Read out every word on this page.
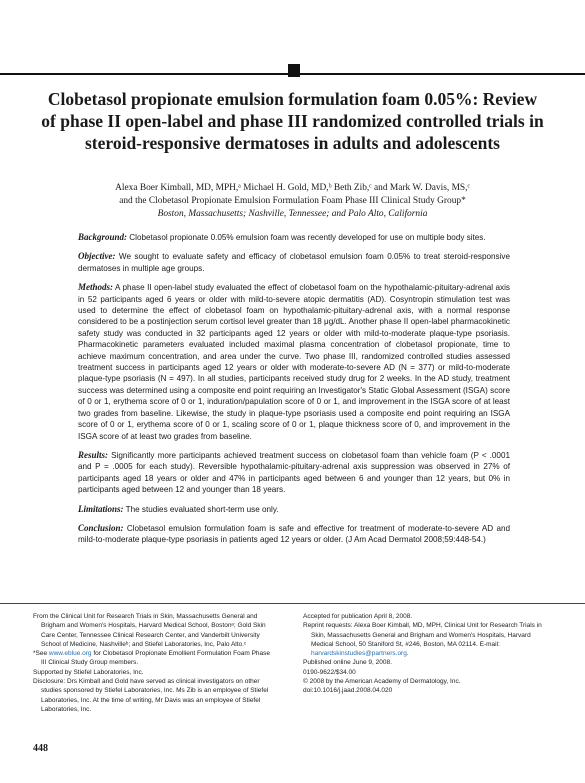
Clobetasol propionate emulsion formulation foam 0.05%: Review of phase II open-label and phase III randomized controlled trials in steroid-responsive dermatoses in adults and adolescents
Alexa Boer Kimball, MD, MPH,ᵃ Michael H. Gold, MD,ᵇ Beth Zib,ᶜ and Mark W. Davis, MS,ᶜ
and the Clobetasol Propionate Emulsion Formulation Foam Phase III Clinical Study Group*
Boston, Massachusetts; Nashville, Tennessee; and Palo Alto, California

Background: Clobetasol propionate 0.05% emulsion foam was recently developed for use on multiple body sites.

Objective: We sought to evaluate safety and efficacy of clobetasol emulsion foam 0.05% to treat steroid-responsive dermatoses in multiple age groups.

Methods: A phase II open-label study evaluated the effect of clobetasol foam on the hypothalamic-pituitary-adrenal axis in 52 participants aged 6 years or older with mild-to-severe atopic dermatitis (AD). Cosyntropin stimulation test was used to determine the effect of clobetasol foam on hypothalamic-pituitary-adrenal axis, with a normal response considered to be a postinjection serum cortisol level greater than 18 μg/dL. Another phase II open-label pharmacokinetic safety study was conducted in 32 participants aged 12 years or older with mild-to-moderate plaque-type psoriasis. Pharmacokinetic parameters evaluated included maximal plasma concentration of clobetasol propionate, time to achieve maximum concentration, and area under the curve. Two phase III, randomized controlled studies assessed treatment success in participants aged 12 years or older with moderate-to-severe AD (N = 377) or mild-to-moderate plaque-type psoriasis (N = 497). In all studies, participants received study drug for 2 weeks. In the AD study, treatment success was determined using a composite end point requiring an Investigator's Static Global Assessment (ISGA) score of 0 or 1, erythema score of 0 or 1, induration/papulation score of 0 or 1, and improvement in the ISGA score of at least two grades from baseline. Likewise, the study in plaque-type psoriasis used a composite end point requiring an ISGA score of 0 or 1, erythema score of 0 or 1, scaling score of 0 or 1, plaque thickness score of 0, and improvement in the ISGA score of at least two grades from baseline.

Results: Significantly more participants achieved treatment success on clobetasol foam than vehicle foam (P < .0001 and P = .0005 for each study). Reversible hypothalamic-pituitary-adrenal axis suppression was observed in 27% of participants aged 18 years or older and 47% in participants aged between 6 and younger than 12 years, but 0% in participants aged between 12 and younger than 18 years.

Limitations: The studies evaluated short-term use only.

Conclusion: Clobetasol emulsion formulation foam is safe and effective for treatment of moderate-to-severe AD and mild-to-moderate plaque-type psoriasis in patients aged 12 years or older. (J Am Acad Dermatol 2008;59:448-54.)

From the Clinical Unit for Research Trials in Skin, Massachusetts General and Brigham and Women's Hospitals, Harvard Medical School, Bostonᵃ; Gold Skin Care Center, Tennessee Clinical Research Center, and Vanderbilt University School of Medicine, Nashvilleᵇ; and Stiefel Laboratories, Inc, Palo Alto.ᶜ

*See www.eblue.org for Clobetasol Propionate Emollient Formulation Foam Phase III Clinical Study Group members.

Supported by Stiefel Laboratories, Inc.

Disclosure: Drs Kimball and Gold have served as clinical investigators on other studies sponsored by Stiefel Laboratories, Inc. Ms Zib is an employee of Stiefel Laboratories, Inc. At the time of writing, Mr Davis was an employee of Stiefel Laboratories, Inc.

Accepted for publication April 8, 2008.

Reprint requests: Alexa Boer Kimball, MD, MPH, Clinical Unit for Research Trials in Skin, Massachusetts General and Brigham and Women's Hospitals, Harvard Medical School, 50 Staniford St, #246, Boston, MA 02114. E-mail: harvardskinstudies@partners.org.

Published online June 9, 2008.

0190-9622/$34.00

© 2008 by the American Academy of Dermatology, Inc.

doi:10.1016/j.jaad.2008.04.020

448
